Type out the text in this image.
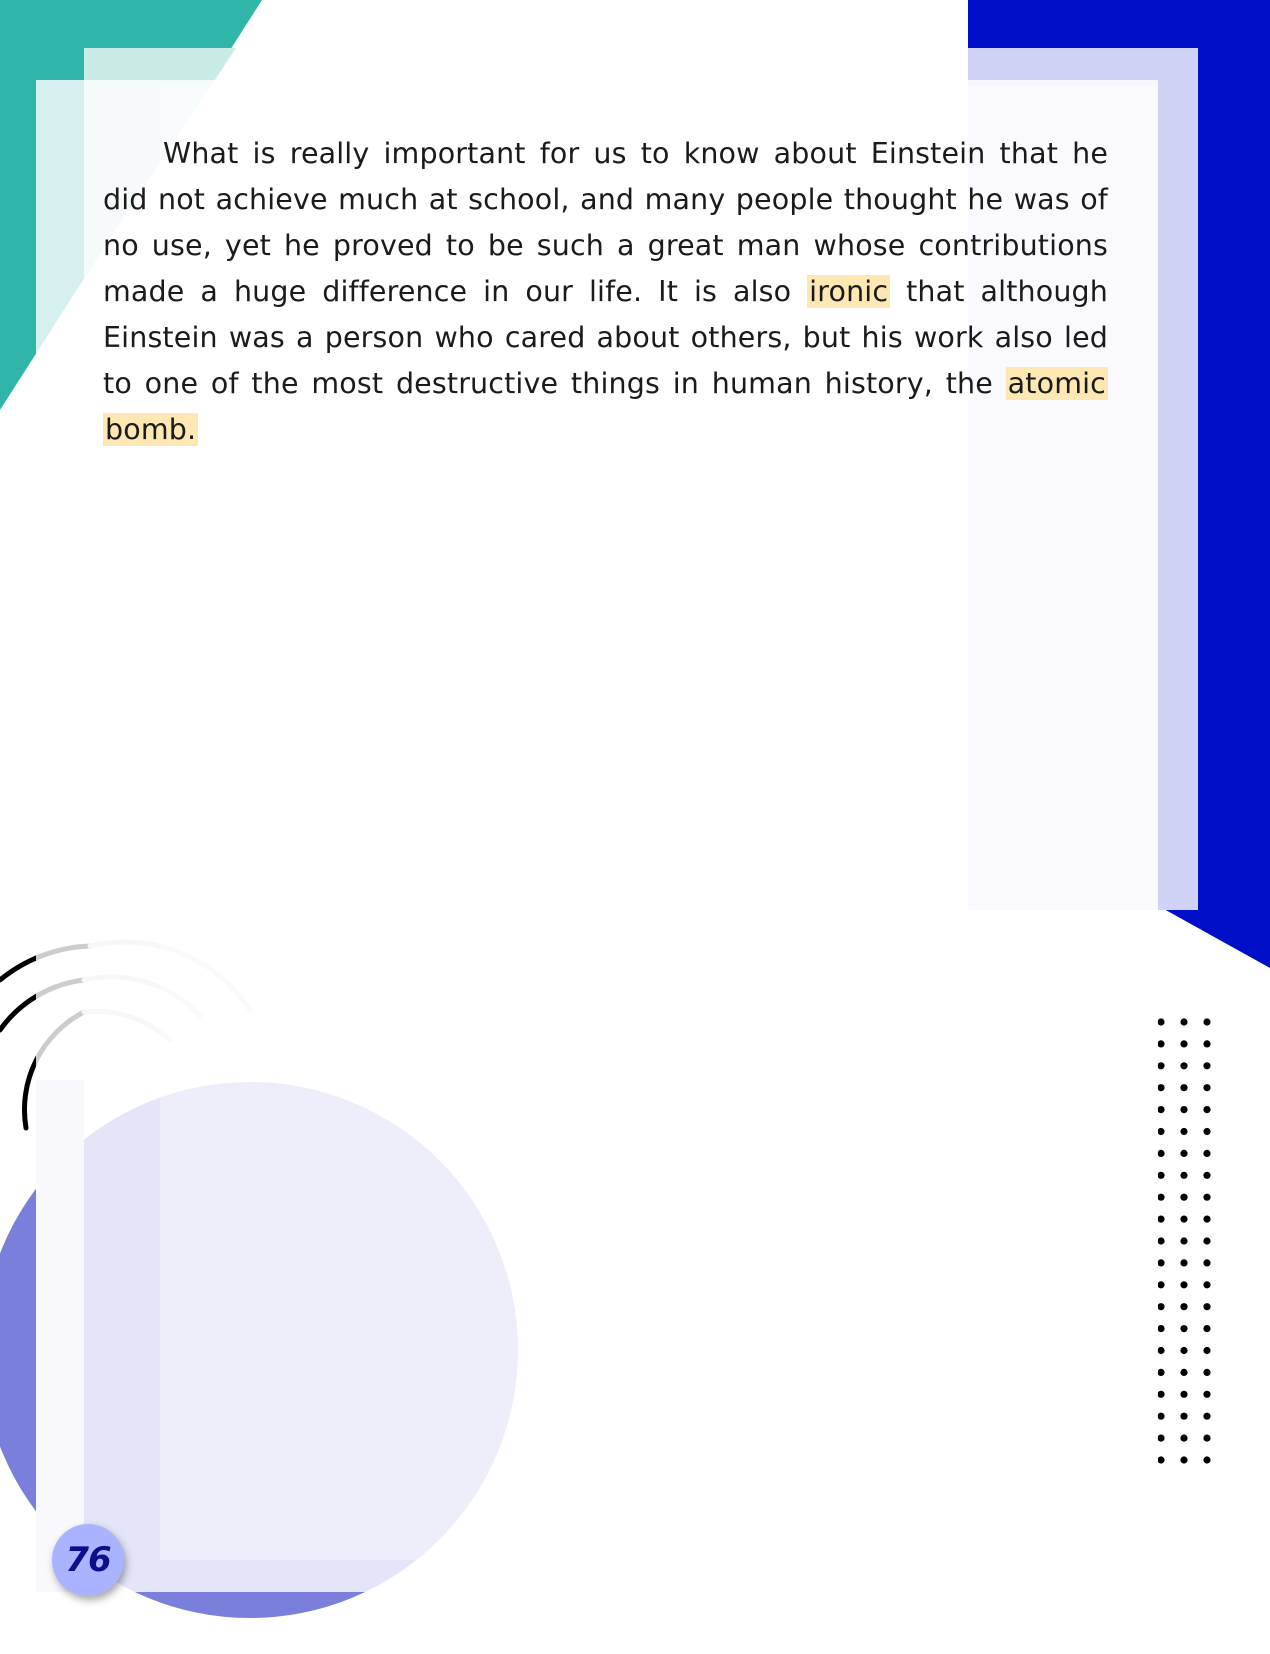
What is really important for us to know about Einstein that he did not achieve much at school, and many people thought he was of no use, yet he proved to be such a great man whose contributions made a huge difference in our life. It is also ironic that although Einstein was a person who cared about others, but his work also led to one of the most destructive things in human history, the atomic bomb.
76
